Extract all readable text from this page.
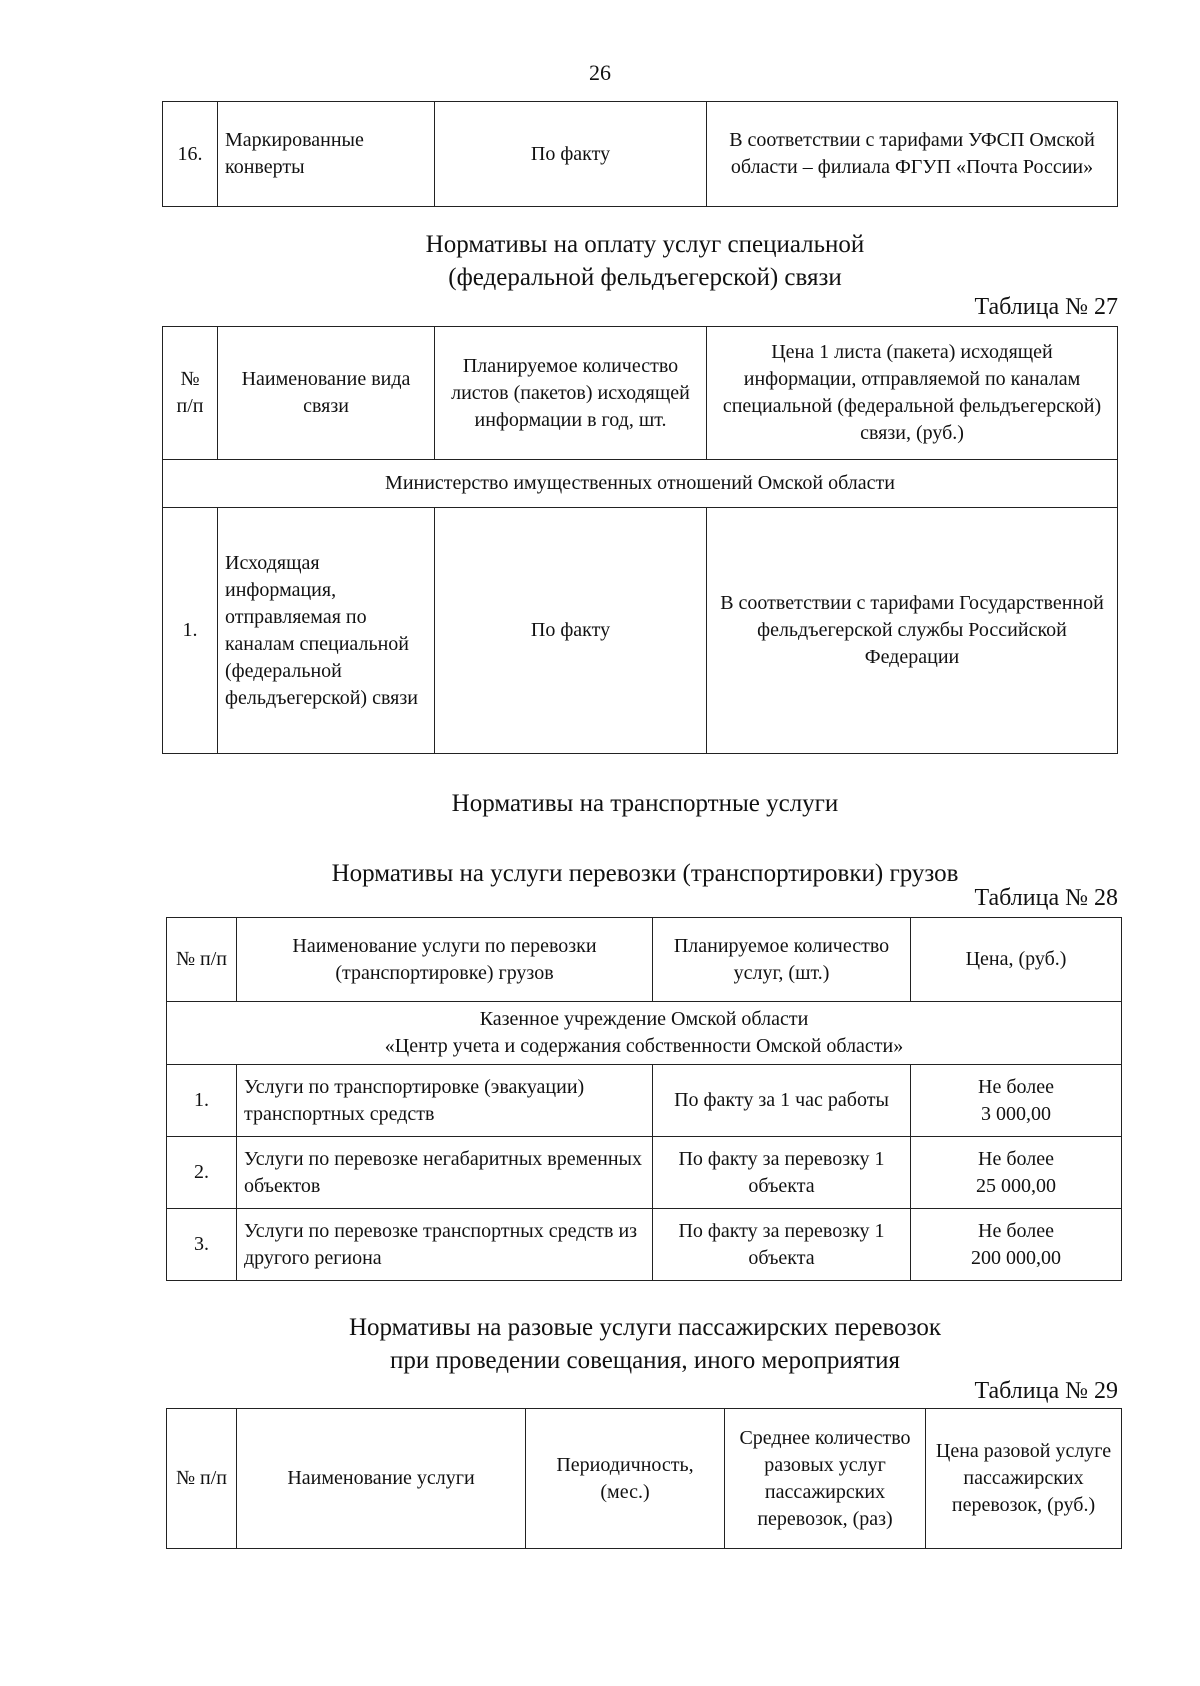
26
16.	Маркированные конверты	По факту	В соответствии с тарифами УФСП Омской области – филиала ФГУП «Почта России»
Нормативы на оплату услуг специальной
(федеральной фельдъегерской) связи
Таблица № 27
№ п/п	Наименование вида связи	Планируемое количество листов (пакетов) исходящей информации в год, шт.	Цена 1 листа (пакета) исходящей информации, отправляемой по каналам специальной (федеральной фельдъегерской) связи, (руб.)
Министерство имущественных отношений Омской области			
1.	Исходящая информация, отправляемая по каналам специальной (федеральной фельдъегерской) связи	По факту	В соответствии с тарифами Государственной фельдъегерской службы Российской Федерации
Нормативы на транспортные услуги
Нормативы на услуги перевозки (транспортировки) грузов
Таблица № 28
№ п/п	Наименование услуги по перевозки (транспортировке) грузов	Планируемое количество услуг, (шт.)	Цена, (руб.)

Казенное учреждение Омской области
«Центр учета и содержания собственности Омской области»			

1.	Услуги по транспортировке (эвакуации) транспортных средств	По факту за 1 час работы	Не более
3 000,00

2.	Услуги по перевозке негабаритных временных объектов	По факту за перевозку 1 объекта	Не более
25 000,00

3.	Услуги по перевозке транспортных средств из другого региона	По факту за перевозку 1 объекта	Не более
200 000,00
Нормативы на разовые услуги пассажирских перевозок
при проведении совещания, иного мероприятия
Таблица № 29
№ п/п	Наименование услуги	Периодичность, (мес.)	Среднее количество разовых услуг пассажирских перевозок, (раз)	Цена разовой услуге пассажирских перевозок, (руб.)
